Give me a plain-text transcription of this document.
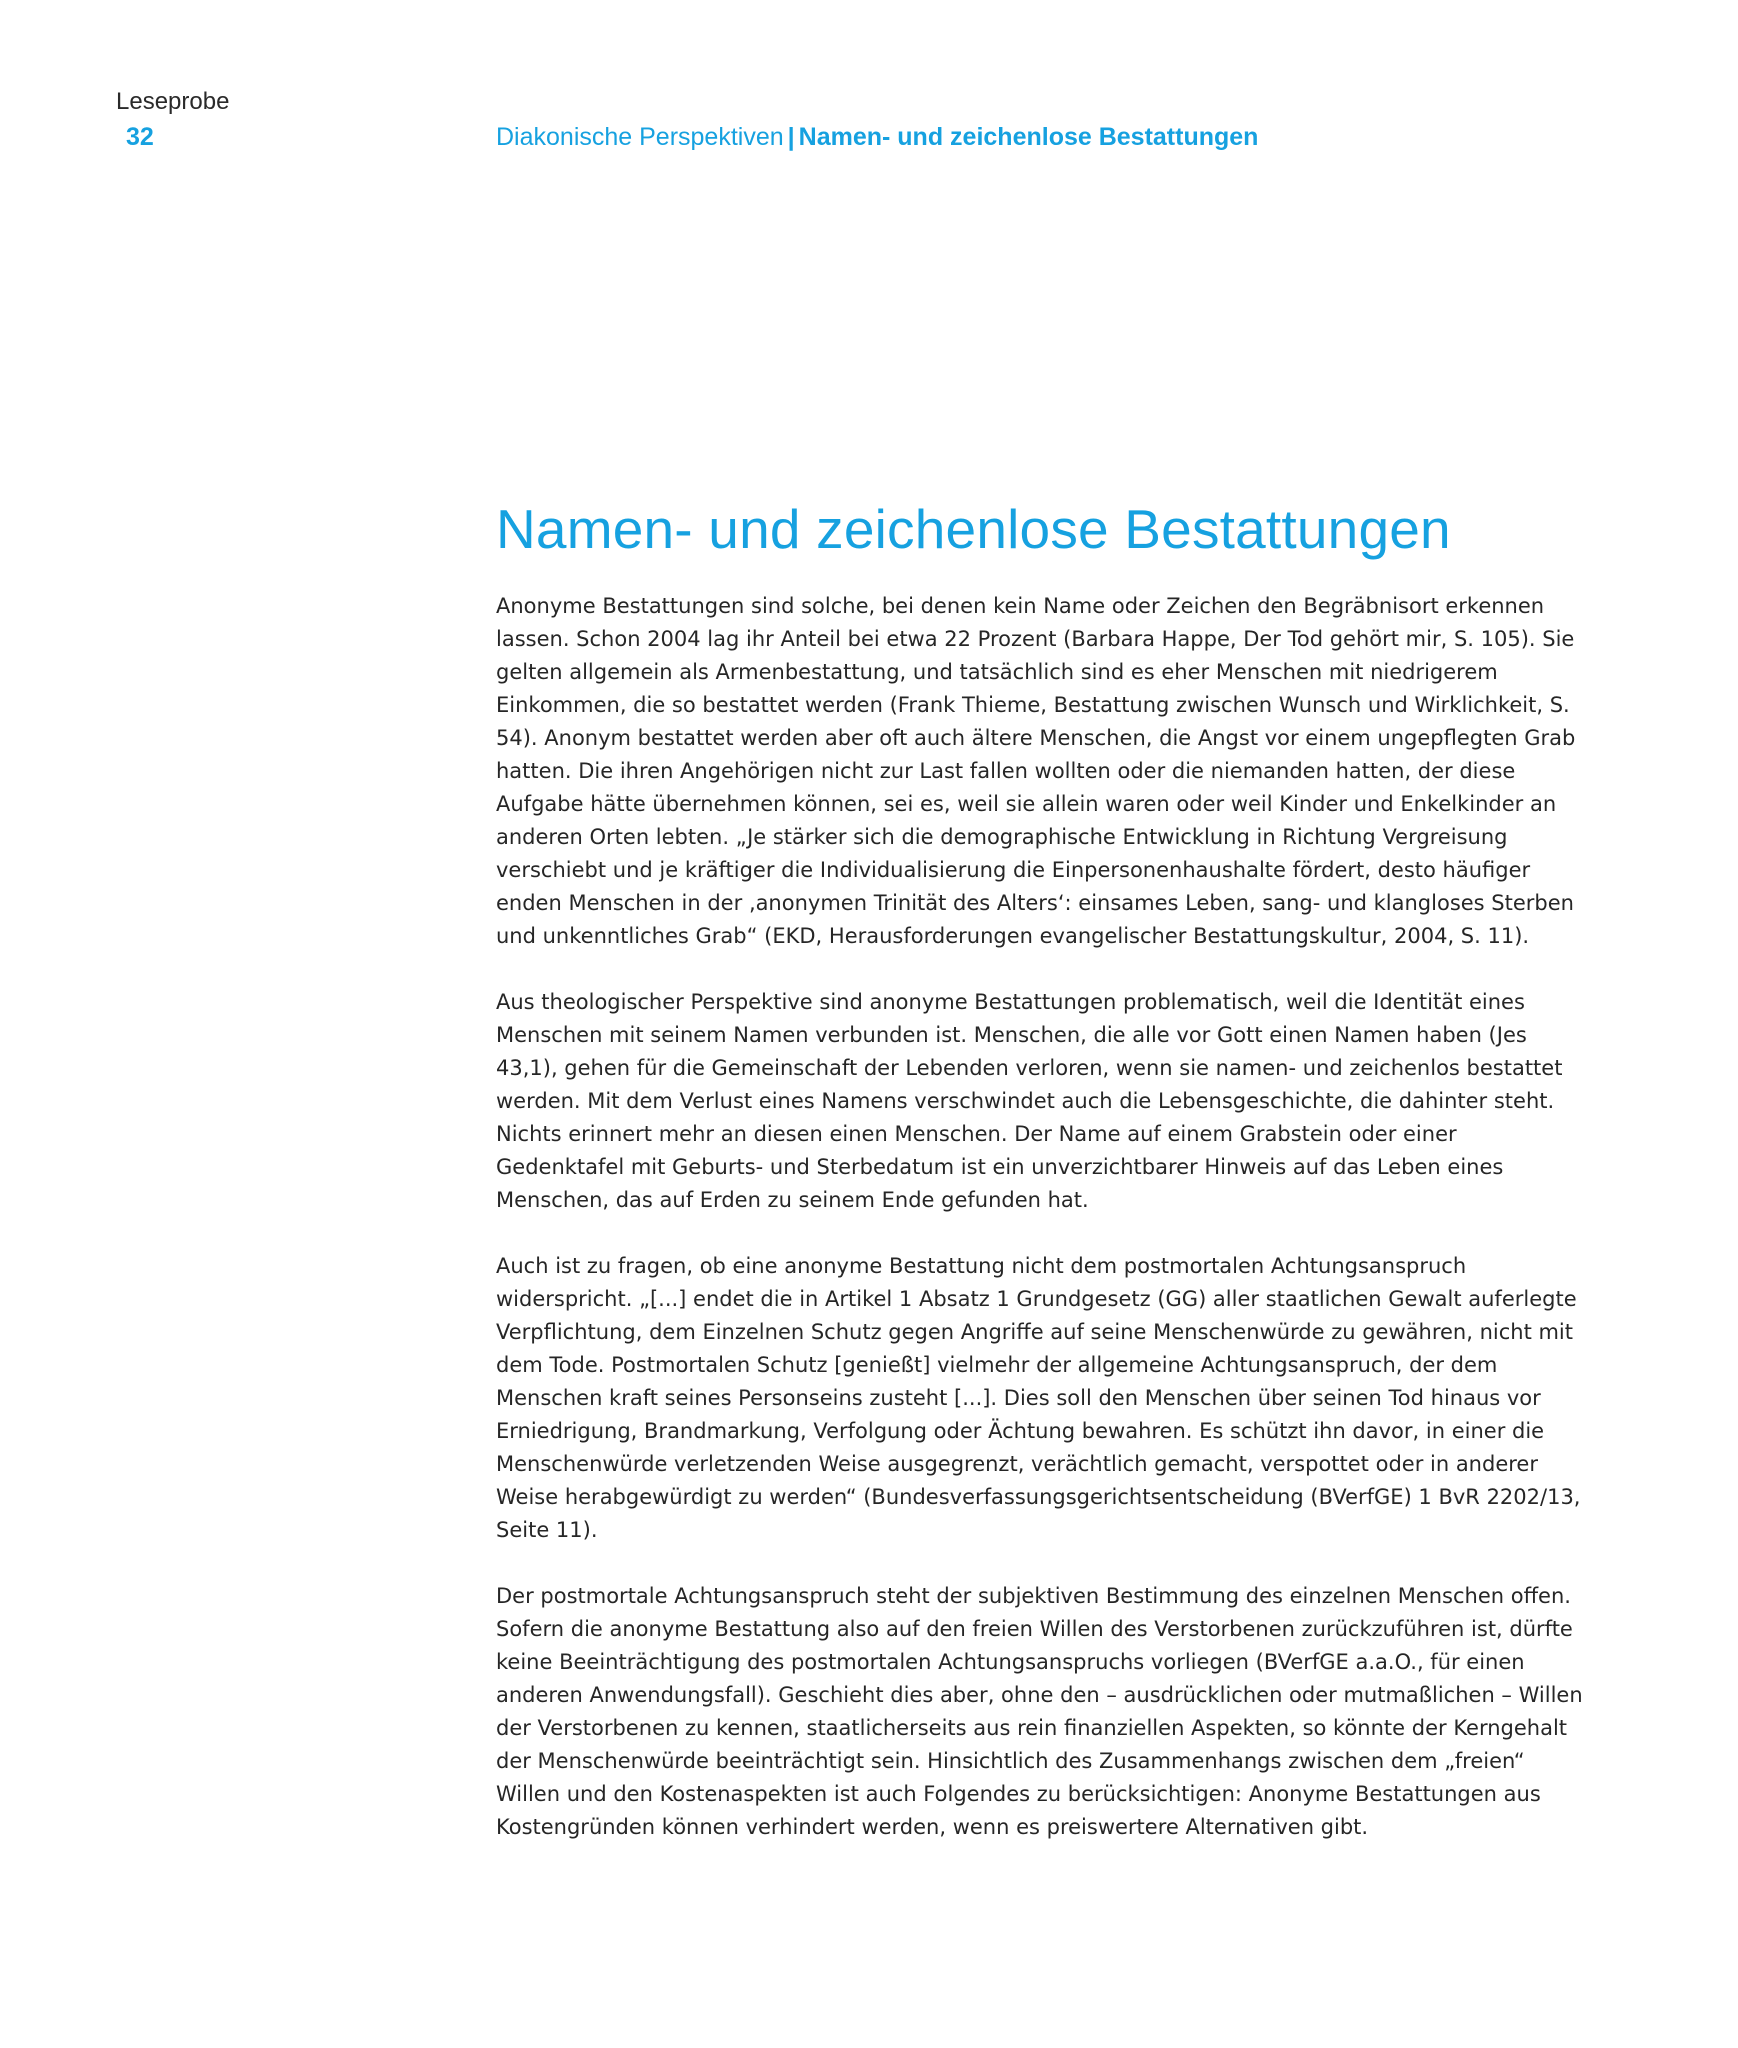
Leseprobe
32	Diakonische Perspektiven | Namen- und zeichenlose Bestattungen
Namen- und zeichenlose Bestattungen

Anonyme Bestattungen sind solche, bei denen kein Name oder Zeichen den Begräbnisort erkennen lassen. Schon 2004 lag ihr Anteil bei etwa 22 Prozent (Barbara Happe, Der Tod gehört mir, S. 105). Sie gelten allgemein als Armenbestattung, und tatsächlich sind es eher Menschen mit niedrigerem Einkommen, die so bestattet werden (Frank Thieme, Bestattung zwischen Wunsch und Wirklichkeit, S. 54). Anonym bestattet werden aber oft auch ältere Menschen, die Angst vor einem ungepflegten Grab hatten. Die ihren Angehörigen nicht zur Last fallen wollten oder die niemanden hatten, der diese Aufgabe hätte übernehmen können, sei es, weil sie allein waren oder weil Kinder und Enkelkinder an anderen Orten lebten. „Je stärker sich die demographische Entwicklung in Richtung Vergreisung verschiebt und je kräftiger die Individualisierung die Einpersonenhaushalte fördert, desto häufiger enden Menschen in der ‚anonymen Trinität des Alters‘: einsames Leben, sang- und klangloses Sterben und unkenntliches Grab“ (EKD, Herausforderungen evangelischer Bestattungskultur, 2004, S. 11).

Aus theologischer Perspektive sind anonyme Bestattungen problematisch, weil die Identität eines Menschen mit seinem Namen verbunden ist. Menschen, die alle vor Gott einen Namen haben (Jes 43,1), gehen für die Gemeinschaft der Lebenden verloren, wenn sie namen- und zeichenlos bestattet werden. Mit dem Verlust eines Namens verschwindet auch die Lebensgeschichte, die dahinter steht. Nichts erinnert mehr an diesen einen Menschen. Der Name auf einem Grabstein oder einer Gedenktafel mit Geburts- und Sterbedatum ist ein unverzichtbarer Hinweis auf das Leben eines Menschen, das auf Erden zu seinem Ende gefunden hat.

Auch ist zu fragen, ob eine anonyme Bestattung nicht dem postmortalen Achtungsanspruch widerspricht. „[...] endet die in Artikel 1 Absatz 1 Grundgesetz (GG) aller staatlichen Gewalt auferlegte Verpflichtung, dem Einzelnen Schutz gegen Angriffe auf seine Menschenwürde zu gewähren, nicht mit dem Tode. Postmortalen Schutz [genießt] vielmehr der allgemeine Achtungsanspruch, der dem Menschen kraft seines Personseins zusteht [...]. Dies soll den Menschen über seinen Tod hinaus vor Erniedrigung, Brandmarkung, Verfolgung oder Ächtung bewahren. Es schützt ihn davor, in einer die Menschenwürde verletzenden Weise ausgegrenzt, verächtlich gemacht, verspottet oder in anderer Weise herabgewürdigt zu werden“ (Bundesverfassungsgerichtsentscheidung (BVerfGE) 1 BvR 2202/13, Seite 11).

Der postmortale Achtungsanspruch steht der subjektiven Bestimmung des einzelnen Menschen offen. Sofern die anonyme Bestattung also auf den freien Willen des Verstorbenen zurückzuführen ist, dürfte keine Beeinträchtigung des postmortalen Achtungsanspruchs vorliegen (BVerfGE a.a.O., für einen anderen Anwendungsfall). Geschieht dies aber, ohne den – ausdrücklichen oder mutmaßlichen – Willen der Verstorbenen zu kennen, staatlicherseits aus rein finanziellen Aspekten, so könnte der Kerngehalt der Menschenwürde beeinträchtigt sein. Hinsichtlich des Zusammenhangs zwischen dem „freien“ Willen und den Kostenaspekten ist auch Folgendes zu berücksichtigen: Anonyme Bestattungen aus Kostengründen können verhindert werden, wenn es preiswertere Alternativen gibt.
